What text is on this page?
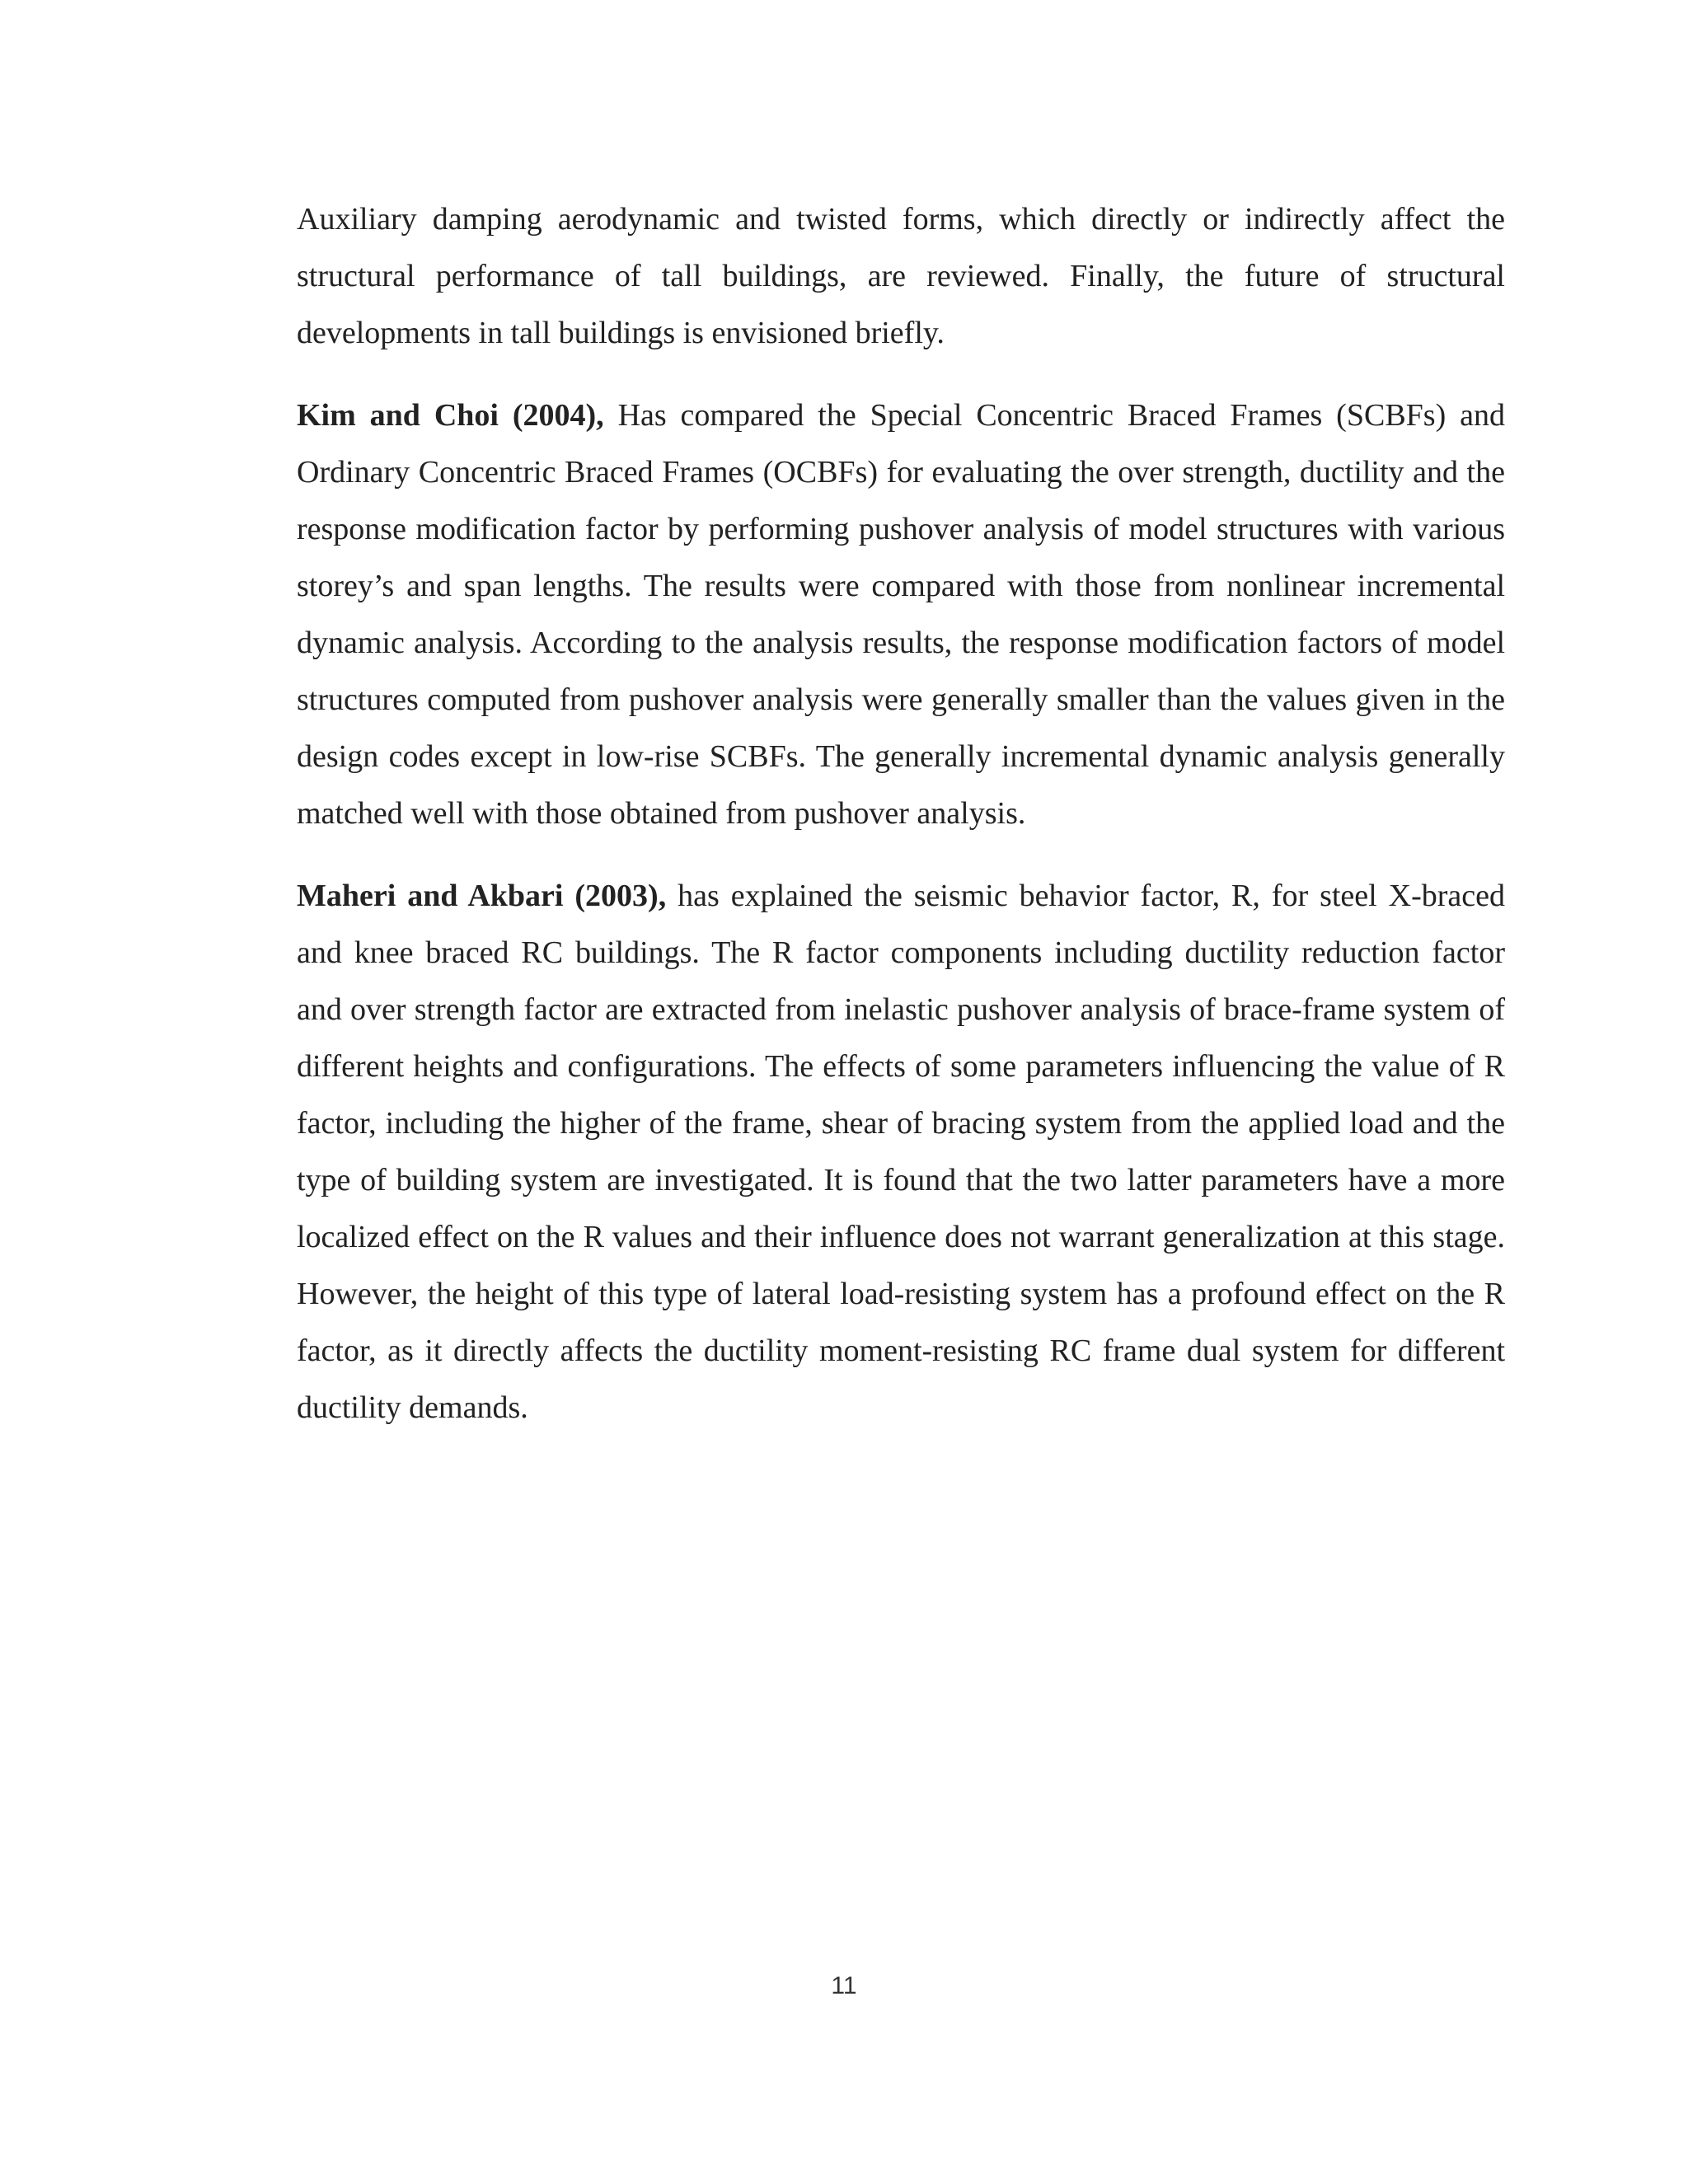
Auxiliary damping aerodynamic and twisted forms, which directly or indirectly affect the structural performance of tall buildings, are reviewed. Finally, the future of structural developments in tall buildings is envisioned briefly.

Kim and Choi (2004), Has compared the Special Concentric Braced Frames (SCBFs) and Ordinary Concentric Braced Frames (OCBFs) for evaluating the over strength, ductility and the response modification factor by performing pushover analysis of model structures with various storey’s and span lengths. The results were compared with those from nonlinear incremental dynamic analysis. According to the analysis results, the response modification factors of model structures computed from pushover analysis were generally smaller than the values given in the design codes except in low-rise SCBFs. The generally incremental dynamic analysis generally matched well with those obtained from pushover analysis.

Maheri and Akbari (2003), has explained the seismic behavior factor, R, for steel X-braced and knee braced RC buildings. The R factor components including ductility reduction factor and over strength factor are extracted from inelastic pushover analysis of brace-frame system of different heights and configurations. The effects of some parameters influencing the value of R factor, including the higher of the frame, shear of bracing system from the applied load and the type of building system are investigated. It is found that the two latter parameters have a more localized effect on the R values and their influence does not warrant generalization at this stage. However, the height of this type of lateral load-resisting system has a profound effect on the R factor, as it directly affects the ductility moment-resisting RC frame dual system for different ductility demands.

11
